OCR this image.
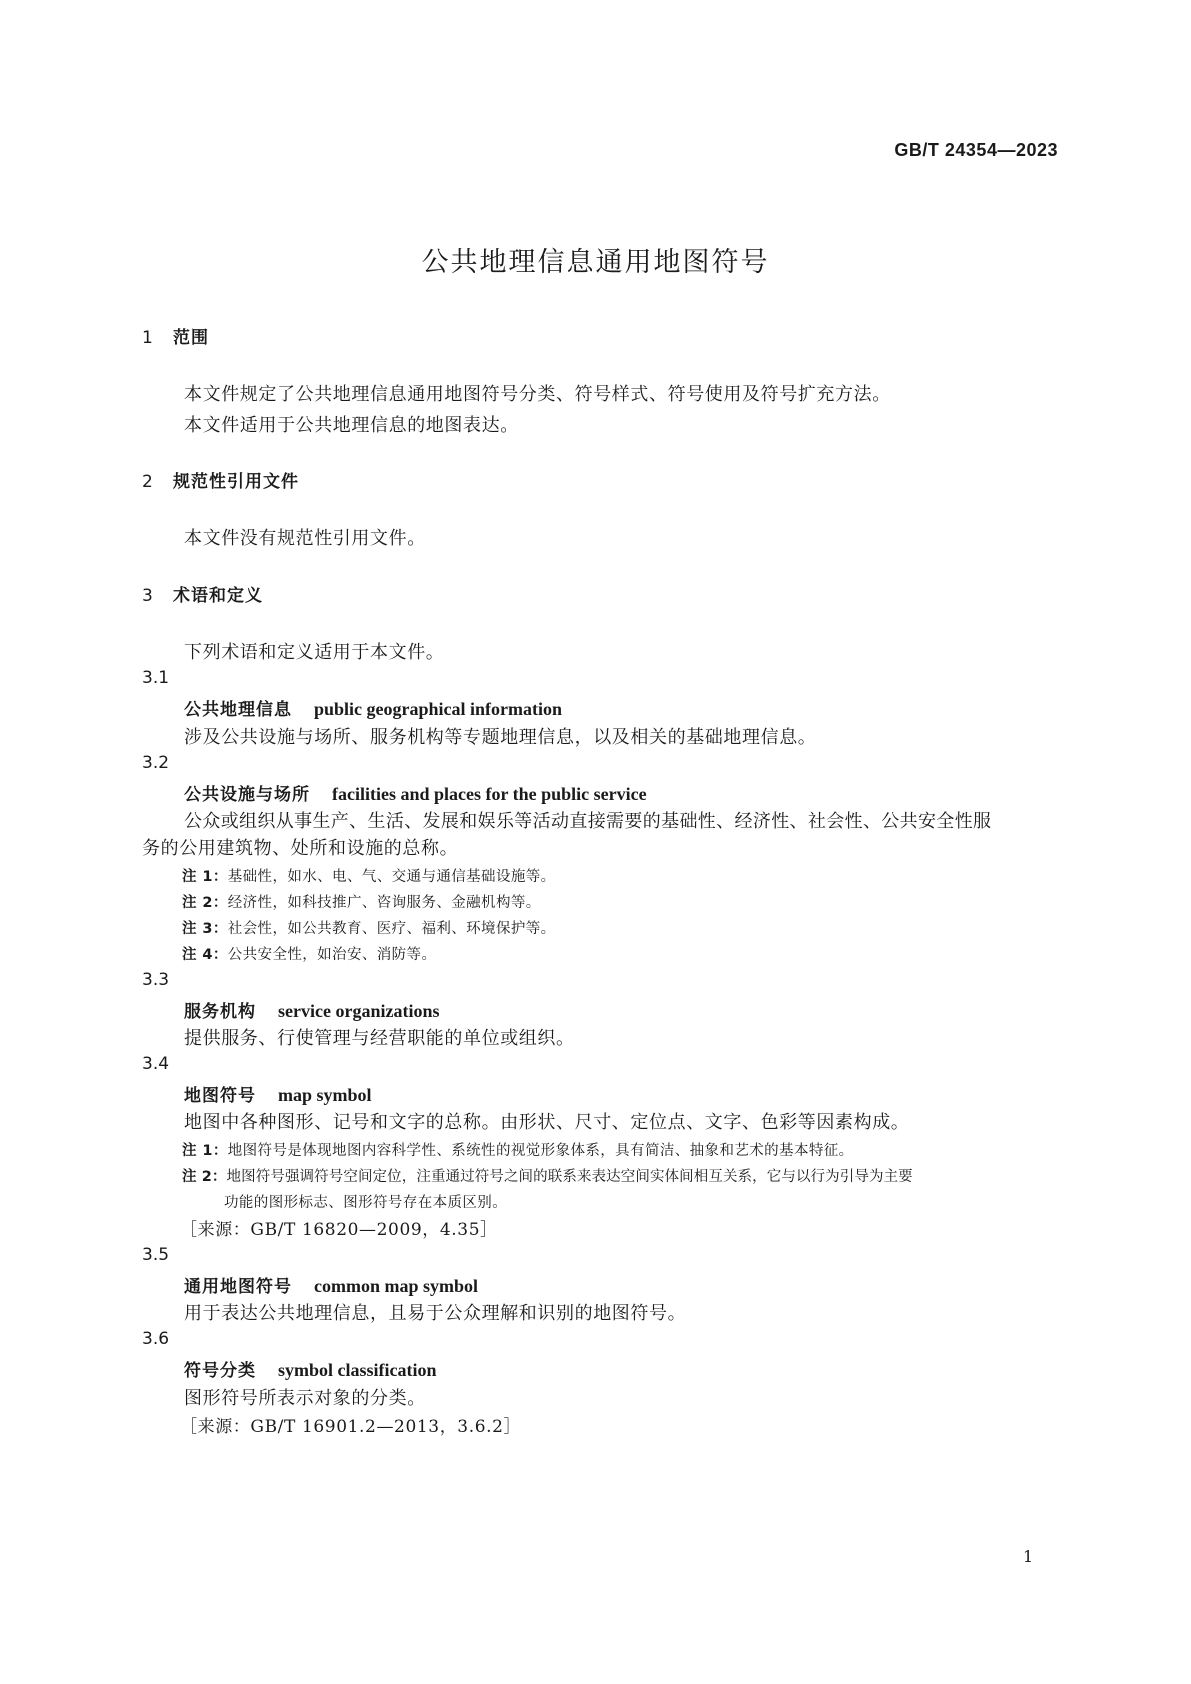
GB/T 24354—2023
公共地理信息通用地图符号
1 范围
本文件规定了公共地理信息通用地图符号分类、符号样式、符号使用及符号扩充方法。
本文件适用于公共地理信息的地图表达。
2 规范性引用文件
本文件没有规范性引用文件。
3 术语和定义
下列术语和定义适用于本文件。
3.1
公共地理信息 public geographical information
涉及公共设施与场所、服务机构等专题地理信息，以及相关的基础地理信息。
3.2
公共设施与场所 facilities and places for the public service
公众或组织从事生产、生活、发展和娱乐等活动直接需要的基础性、经济性、社会性、公共安全性服
务的公用建筑物、处所和设施的总称。
注 1：基础性，如水、电、气、交通与通信基础设施等。
注 2：经济性，如科技推广、咨询服务、金融机构等。
注 3：社会性，如公共教育、医疗、福利、环境保护等。
注 4：公共安全性，如治安、消防等。
3.3
服务机构 service organizations
提供服务、行使管理与经营职能的单位或组织。
3.4
地图符号 map symbol
地图中各种图形、记号和文字的总称。由形状、尺寸、定位点、文字、色彩等因素构成。
注 1：地图符号是体现地图内容科学性、系统性的视觉形象体系，具有简洁、抽象和艺术的基本特征。
注 2：地图符号强调符号空间定位，注重通过符号之间的联系来表达空间实体间相互关系，它与以行为引导为主要
功能的图形标志、图形符号存在本质区别。
［来源：GB/T 16820—2009，4.35］
3.5
通用地图符号 common map symbol
用于表达公共地理信息，且易于公众理解和识别的地图符号。
3.6
符号分类 symbol classification
图形符号所表示对象的分类。
［来源：GB/T 16901.2—2013，3.6.2］
1
